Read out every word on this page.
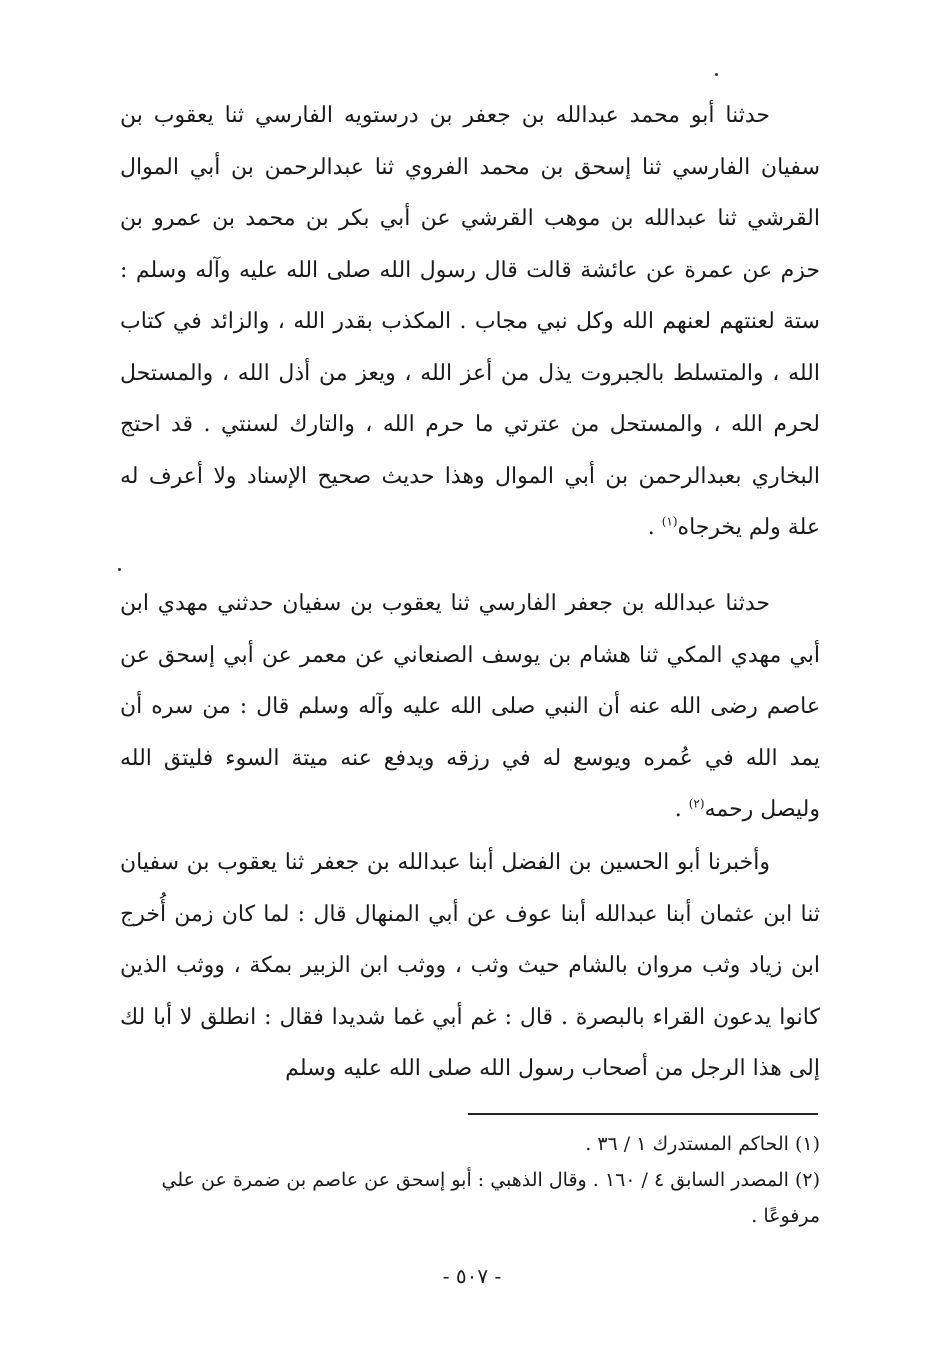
حدثنا أبو محمد عبدالله بن جعفر بن درستويه الفارسي ثنا يعقوب بن سفيان الفارسي ثنا إسحق بن محمد الفروي ثنا عبدالرحمن بن أبي الموال القرشي ثنا عبدالله بن موهب القرشي عن أبي بكر بن محمد بن عمرو بن حزم عن عمرة عن عائشة قالت قال رسول الله صلى الله عليه وآله وسلم : ستة لعنتهم لعنهم الله وكل نبي مجاب . المكذب بقدر الله ، والزائد في كتاب الله ، والمتسلط بالجبروت يذل من أعز الله ، ويعز من أذل الله ، والمستحل لحرم الله ، والمستحل من عترتي ما حرم الله ، والتارك لسنتي . قد احتج البخاري بعبدالرحمن بن أبي الموال وهذا حديث صحيح الإسناد ولا أعرف له علة ولم يخرجاه$^{(١)}$ .

حدثنا عبدالله بن جعفر الفارسي ثنا يعقوب بن سفيان حدثني مهدي ابن أبي مهدي المكي ثنا هشام بن يوسف الصنعاني عن معمر عن أبي إسحق عن عاصم رضى الله عنه أن النبي صلى الله عليه وآله وسلم قال : من سره أن يمد الله في عُمره ويوسع له في رزقه ويدفع عنه ميتة السوء فليتق الله وليصل رحمه$^{(٢)}$ .

وأخبرنا أبو الحسين بن الفضل أبنا عبدالله بن جعفر ثنا يعقوب بن سفيان ثنا ابن عثمان أبنا عبدالله أبنا عوف عن أبي المنهال قال : لما كان زمن أُخرج ابن زياد وثب مروان بالشام حيث وثب ، ووثب ابن الزبير بمكة ، ووثب الذين كانوا يدعون القراء بالبصرة . قال : غم أبي غما شديدا فقال : انطلق لا أبا لك إلى هذا الرجل من أصحاب رسول الله صلى الله عليه وسلم

(١) الحاكم المستدرك ١ / ٣٦ .

(٢) المصدر السابق ٤ / ١٦٠ . وقال الذهبي : أبو إسحق عن عاصم بن ضمرة عن علي مرفوعًا .

- ٥٠٧ -
